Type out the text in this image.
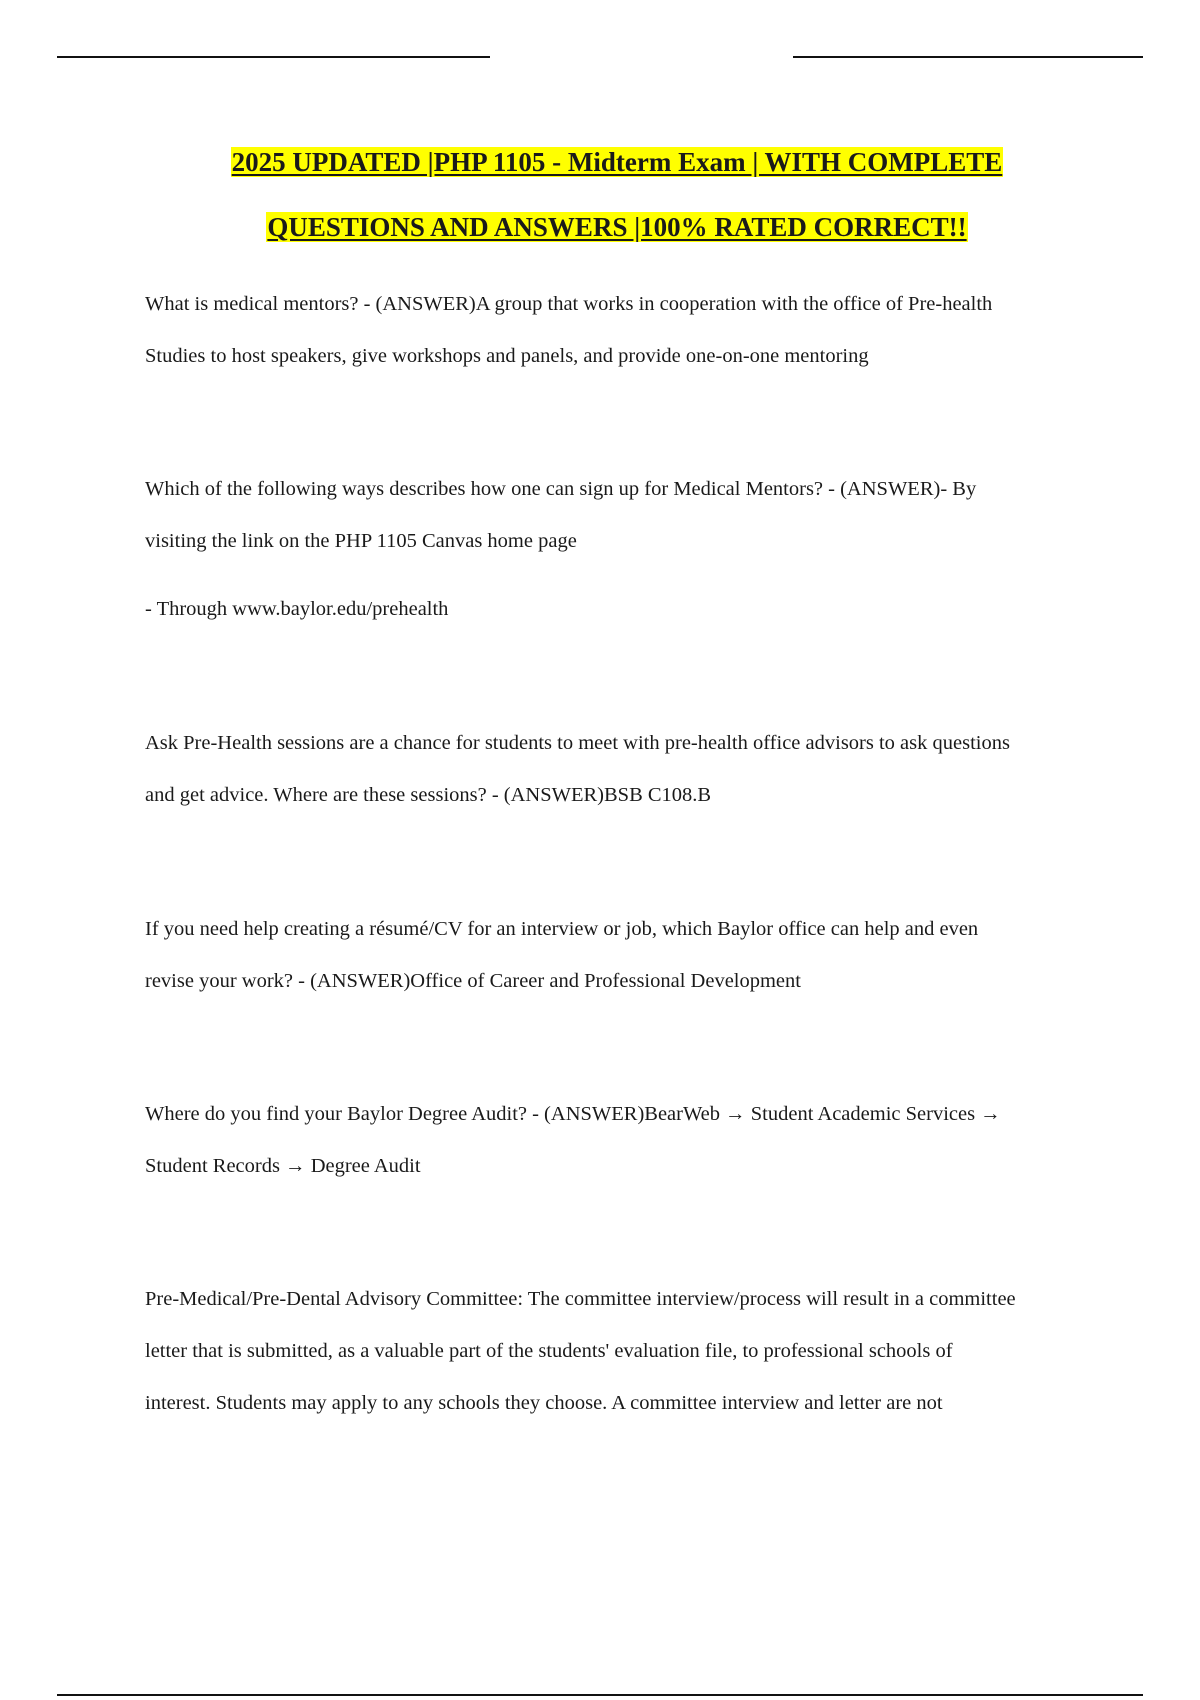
2025 UPDATED |PHP 1105 - Midterm Exam | WITH COMPLETE
QUESTIONS AND ANSWERS |100% RATED CORRECT!!

What is medical mentors? - (ANSWER)A group that works in cooperation with the office of Pre-health
Studies to host speakers, give workshops and panels, and provide one-on-one mentoring

Which of the following ways describes how one can sign up for Medical Mentors? - (ANSWER)- By
visiting the link on the PHP 1105 Canvas home page

- Through www.baylor.edu/prehealth

Ask Pre-Health sessions are a chance for students to meet with pre-health office advisors to ask questions
and get advice. Where are these sessions? - (ANSWER)BSB C108.B

If you need help creating a résumé/CV for an interview or job, which Baylor office can help and even
revise your work? - (ANSWER)Office of Career and Professional Development

Where do you find your Baylor Degree Audit? - (ANSWER)BearWeb → Student Academic Services →
Student Records → Degree Audit

Pre-Medical/Pre-Dental Advisory Committee: The committee interview/process will result in a committee
letter that is submitted, as a valuable part of the students' evaluation file, to professional schools of
interest. Students may apply to any schools they choose. A committee interview and letter are not
